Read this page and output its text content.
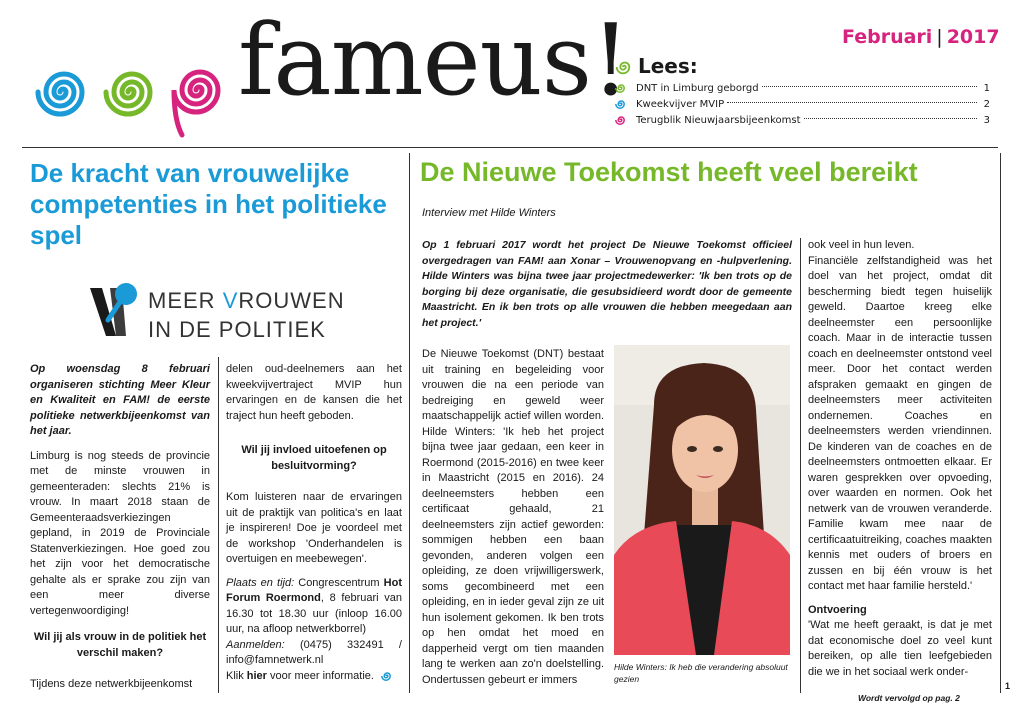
fameus!	Februari | 2017
Lees:
DNT in Limburg geborgd	1
Kweekvijver MVIP	2
Terugblik Nieuwjaarsbijeenkomst	3
De kracht van vrouwelijke competenties in het politieke spel
MEER VROUWEN
IN DE POLITIEK

Op woensdag 8 februari organiseren stichting Meer Kleur en Kwaliteit en FAM! de eerste politieke netwerkbijeenkomst van het jaar.

Limburg is nog steeds de provincie met de minste vrouwen in gemeenteraden: slechts 21% is vrouw. In maart 2018 staan de Gemeenteraadsverkiezingen gepland, in 2019 de Provinciale Statenverkiezingen. Hoe goed zou het zijn voor het democratische gehalte als er sprake zou zijn van een meer diverse vertegenwoordiging!

Wil jij als vrouw in de politiek het verschil maken?
Tijdens deze netwerkbijeenkomst

delen oud-deelnemers aan het kweekvijvertraject MVIP hun ervaringen en de kansen die het traject hun heeft geboden.

Wil jij invloed uitoefenen op besluitvorming?

Kom luisteren naar de ervaringen uit de praktijk van politica's en laat je inspireren! Doe je voordeel met de workshop 'Onderhandelen is overtuigen en meebewegen'.

Plaats en tijd: Congrescentrum Hot Forum Roermond, 8 februari van 16.30 tot 18.30 uur (inloop 16.00 uur, na afloop netwerkborrel)

Aanmelden: (0475) 332491 / info@famnetwerk.nl

Klik hier voor meer informatie.

De Nieuwe Toekomst heeft veel bereikt
Interview met Hilde Winters
Op 1 februari 2017 wordt het project De Nieuwe Toekomst officieel overgedragen van FAM! aan Xonar – Vrouwenopvang en -hulpverlening. Hilde Winters was bijna twee jaar projectmedewerker: 'Ik ben trots op de borging bij deze organisatie, die gesubsidieerd wordt door de gemeente Maastricht. En ik ben trots op alle vrouwen die hebben meegedaan aan het project.'
De Nieuwe Toekomst (DNT) bestaat uit training en begeleiding voor vrouwen die na een periode van bedreiging en geweld weer maatschappelijk actief willen worden. Hilde Winters: 'Ik heb het project bijna twee jaar gedaan, een keer in Roermond (2015-2016) en twee keer in Maastricht (2015 en 2016). 24 deelneemsters hebben een certificaat gehaald, 21 deelneemsters zijn actief geworden: sommigen hebben een baan gevonden, anderen volgen een opleiding, ze doen vrijwilligerswerk, soms gecombineerd met een opleiding, en in ieder geval zijn ze uit hun isolement gekomen. Ik ben trots op hen omdat het moed en dapperheid vergt om tien maanden lang te werken aan zo'n doelstelling. Ondertussen gebeurt er immers
Hilde Winters: Ik heb die verandering absoluut gezien

ook veel in hun leven.

Financiële zelfstandigheid was het doel van het project, omdat dit bescherming biedt tegen huiselijk geweld. Daartoe kreeg elke deelneemster een persoonlijke coach. Maar in de interactie tussen coach en deelneemster ontstond veel meer. Door het contact werden afspraken gemaakt en gingen de deelneemsters meer activiteiten ondernemen. Coaches en deelneemsters werden vriendinnen. De kinderen van de coaches en de deelneemsters ontmoetten elkaar. Er waren gesprekken over opvoeding, over waarden en normen. Ook het netwerk van de vrouwen veranderde. Familie kwam mee naar de certificaatuitreiking, coaches maakten kennis met ouders of broers en zussen en bij één vrouw is het contact met haar familie hersteld.'

Ontvoering

'Wat me heeft geraakt, is dat je met dat economische doel zo veel kunt bereiken, op alle tien leefgebieden die we in het sociaal werk onder-

Wordt vervolgd op pag. 2
1
